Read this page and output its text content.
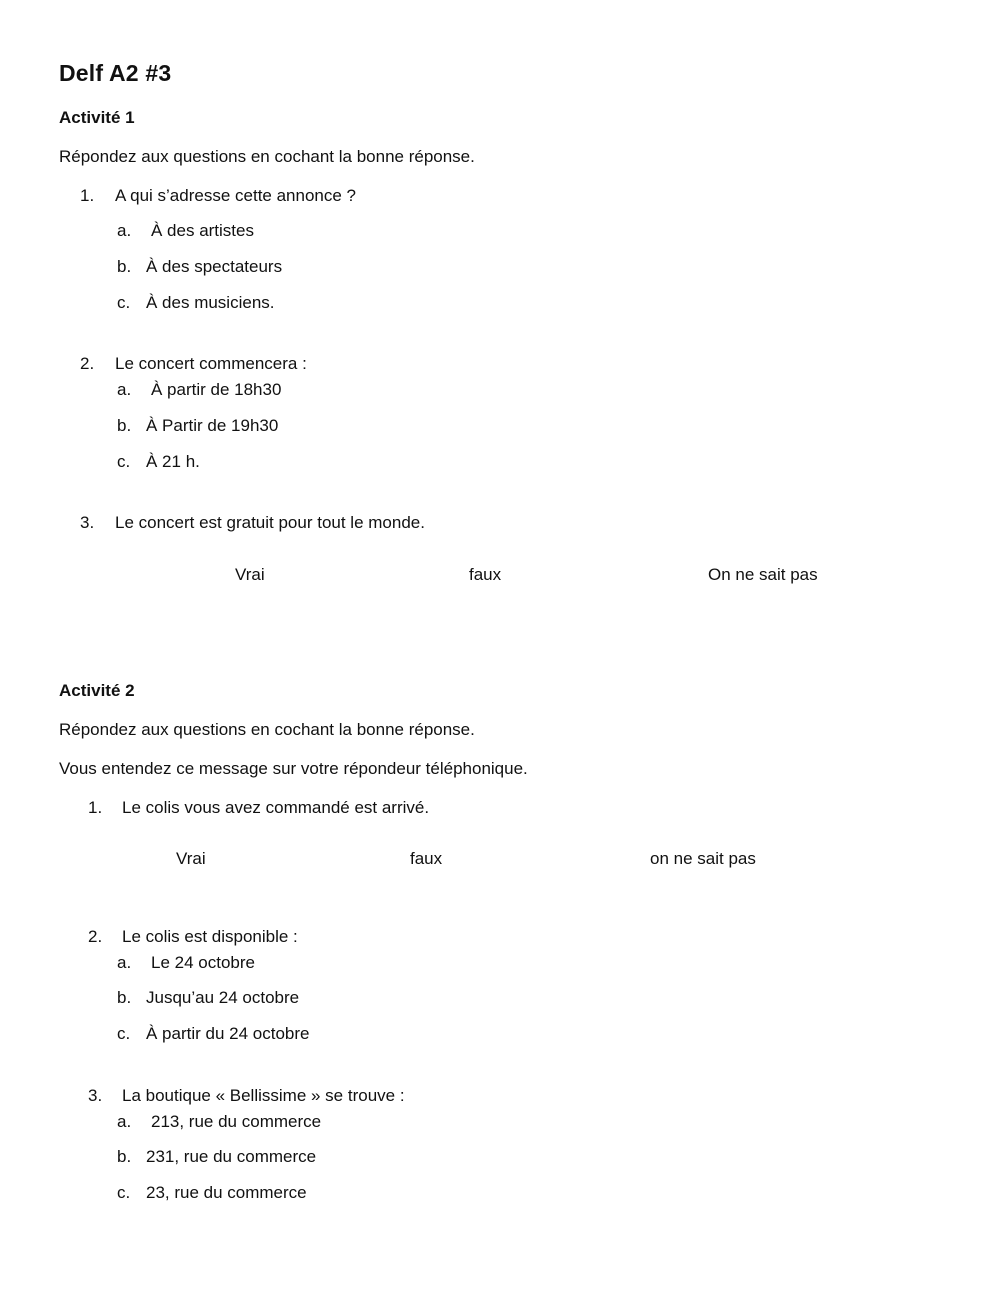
Delf A2 #3
Activité 1
Répondez aux questions en cochant la bonne réponse.
1. A qui s’adresse cette annonce ?
a. À des artistes
b. À des spectateurs
c. À des musiciens.
2. Le concert commencera :
a. À partir de 18h30
b. À Partir de 19h30
c. À 21 h.
3. Le concert est gratuit pour tout le monde.
Vrai	faux	On ne sait pas
Activité 2
Répondez aux questions en cochant la bonne réponse.
Vous entendez ce message sur votre répondeur téléphonique.
1. Le colis vous avez commandé est arrivé.
Vrai	faux	on ne sait pas
2. Le colis est disponible :
a. Le 24 octobre
b. Jusqu’au 24 octobre
c. À partir du 24 octobre
3. La boutique « Bellissime » se trouve :
a. 213, rue du commerce
b. 231, rue du commerce
c. 23, rue du commerce
